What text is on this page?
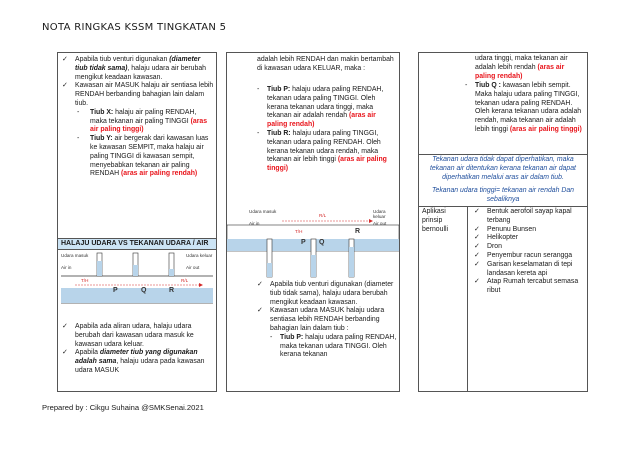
NOTA RINGKAS KSSM TINGKATAN 5
✓ Apabila tiub venturi digunakan (diameter tiub tidak sama), halaju udara air berubah mengikut keadaan kawasan.
✓ Kawasan air MASUK halaju air sentiasa lebih RENDAH berbanding bahagian lain dalam tiub.
- Tiub X: halaju air paling RENDAH, maka tekanan air paling TINGGI (aras air paling tinggi)
- Tiub Y: air bergerak dari kawasan luas ke kawasan SEMPIT, maka halaju air paling TINGGI di kawasan sempit, menyebabkan tekanan air paling RENDAH (aras air paling rendah)
HALAJU UDARA VS TEKANAN UDARA / AIR
Udara masuk
Air in
Udara keluar
Air out
T/H	R/L
P	Q	R
✓ Apabila ada aliran udara, halaju udara berubah dari kawasan udara masuk ke kawasan udara keluar.
✓ Apabila diameter tiub yang digunakan adalah sama, halaju udara pada kawasan udara MASUK
adalah lebih RENDAH dan makin bertambah di kawasan udara KELUAR, maka :
- Tiub P: halaju udara paling RENDAH, tekanan udara paling TINGGI. Oleh kerana tekanan udara tinggi, maka tekanan air adalah rendah (aras air paling rendah)
- Tiub R: halaju udara paling TINGGI, tekanan udara paling RENDAH. Oleh kerana tekanan udara rendah, maka tekanan air lebih tinggi (aras air paling tinggi)
Udara masuk
Air in
Udara keluar
Air out
T/H
R/L
P Q
R
✓ Apabila tiub venturi digunakan (diameter tiub tidak sama), halaju udara berubah mengikut keadaan kawasan.
✓ Kawasan udara MASUK halaju udara sentiasa lebih RENDAH berbanding bahagian lain dalam tiub :
- Tiub P: halaju udara paling RENDAH, maka tekanan udara TINGGI. Oleh kerana tekanan
udara tinggi, maka tekanan air adalah lebih rendah (aras air paling rendah)
- Tiub Q : kawasan lebih sempit. Maka halaju udara paling TINGGI, tekanan udara paling RENDAH. Oleh kerana tekanan udara adalah rendah, maka tekanan air adalah lebih tinggi (aras air paling tinggi)
Tekanan udara tidak dapat diperhatikan, maka tekanan air ditentukan kerana tekanan air dapat diperhatikan melalui aras air dalam tiub.
Tekanan udara tinggi= tekanan air rendah Dan sebaliknya
Aplikasi prinsip bernoulli
✓ Bentuk aerofoil sayap kapal terbang
✓ Penunu Bunsen
✓ Helikopter
✓ Dron
✓ Penyembur racun serangga
✓ Garisan keselamatan di tepi landasan kereta api
✓ Atap Rumah tercabut semasa ribut
Prepared by : Cikgu Suhaina @SMKSenai.2021
